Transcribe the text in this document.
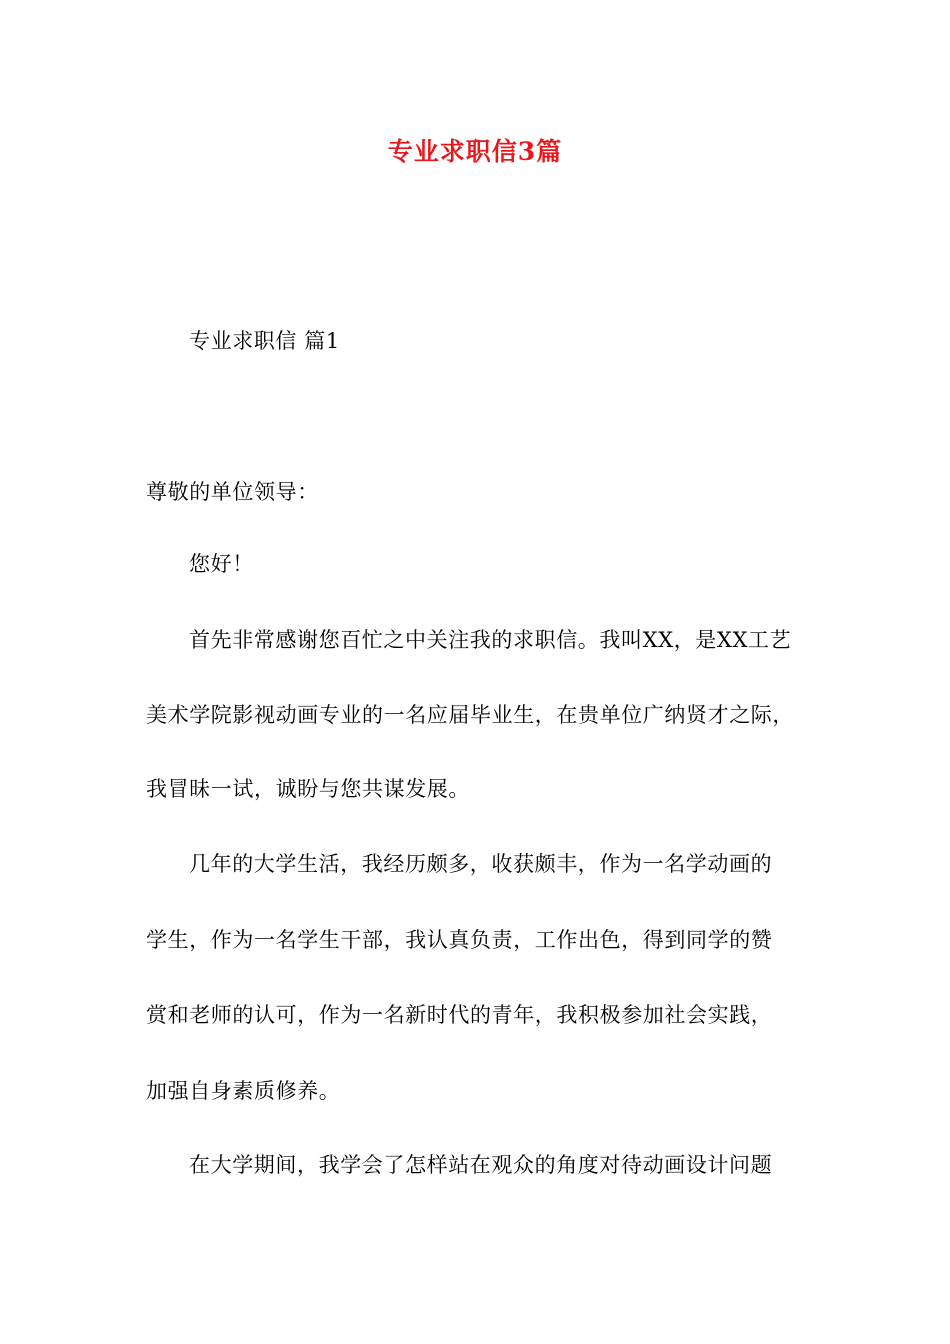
专业求职信3篇
专业求职信 篇1
尊敬的单位领导：
您好！
首先非常感谢您百忙之中关注我的求职信。我叫XX，是XX工艺
美术学院影视动画专业的一名应届毕业生，在贵单位广纳贤才之际，
我冒昧一试，诚盼与您共谋发展。
几年的大学生活，我经历颇多，收获颇丰，作为一名学动画的
学生，作为一名学生干部，我认真负责，工作出色，得到同学的赞
赏和老师的认可，作为一名新时代的青年，我积极参加社会实践，
加强自身素质修养。
在大学期间，我学会了怎样站在观众的角度对待动画设计问题
